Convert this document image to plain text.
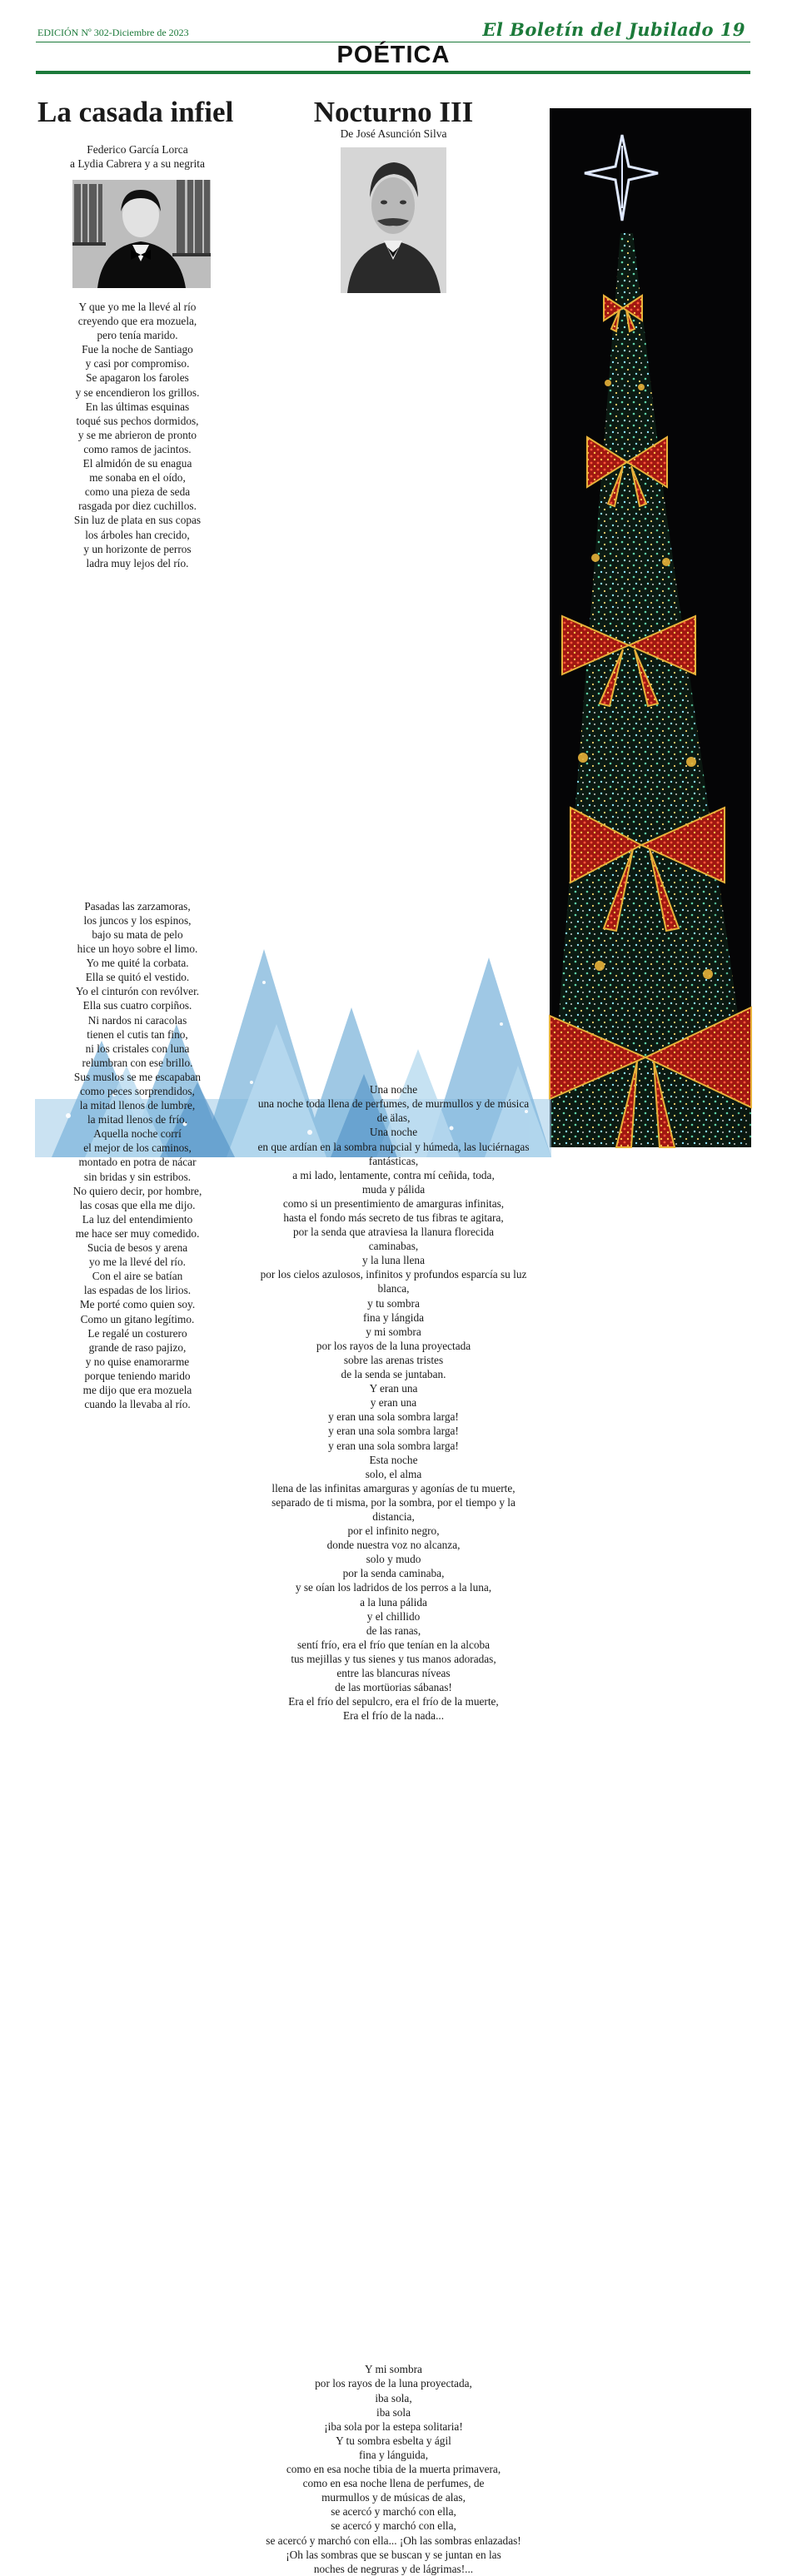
EDICIÓN Nº 302-Diciembre de 2023	El Boletín del Jubilado 19
POÉTICA
La casada infiel
Federico García Lorca
a Lydia Cabrera y a su negrita
Y que yo me la llevé al río
creyendo que era mozuela,
pero tenía marido.
Fue la noche de Santiago
y casi por compromiso.
Se apagaron los faroles
y se encendieron los grillos.
En las últimas esquinas
toqué sus pechos dormidos,
y se me abrieron de pronto
como ramos de jacintos.
El almidón de su enagua
me sonaba en el oído,
como una pieza de seda
rasgada por diez cuchillos.
Sin luz de plata en sus copas
los árboles han crecido,
y un horizonte de perros
ladra muy lejos del río.
Pasadas las zarzamoras,
los juncos y los espinos,
bajo su mata de pelo
hice un hoyo sobre el limo.
Yo me quité la corbata.
Ella se quitó el vestido.
Yo el cinturón con revólver.
Ella sus cuatro corpiños.
Ni nardos ni caracolas
tienen el cutis tan fino,
ni los cristales con luna
relumbran con ese brillo.
Sus muslos se me escapaban
como peces sorprendidos,
la mitad llenos de lumbre,
la mitad llenos de frío.
Aquella noche corrí
el mejor de los caminos,
montado en potra de nácar
sin bridas y sin estribos.
No quiero decir, por hombre,
las cosas que ella me dijo.
La luz del entendimiento
me hace ser muy comedido.
Sucia de besos y arena
yo me la llevé del río.
Con el aire se batían
las espadas de los lirios.
Me porté como quien soy.
Como un gitano legítimo.
Le regalé un costurero
grande de raso pajizo,
y no quise enamorarme
porque teniendo marido
me dijo que era mozuela
cuando la llevaba al río.
Nocturno III
De José Asunción Silva
Una noche
una noche toda llena de perfumes, de murmullos y de música
de älas,
Una noche
en que ardían en la sombra nupcial y húmeda, las luciérnagas
fantásticas,
a mi lado, lentamente, contra mí ceñida, toda,
muda y pálida
como si un presentimiento de amarguras infinitas,
hasta el fondo más secreto de tus fibras te agitara,
por la senda que atraviesa la llanura florecida
caminabas,
y la luna llena
por los cielos azulosos, infinitos y profundos esparcía su luz
blanca,
y tu sombra
fina y lángida
y mi sombra
por los rayos de la luna proyectada
sobre las arenas tristes
de la senda se juntaban.
Y eran una
y eran una
y eran una sola sombra larga!
y eran una sola sombra larga!
y eran una sola sombra larga!
Esta noche
solo, el alma
llena de las infinitas amarguras y agonías de tu muerte,
separado de ti misma, por la sombra, por el tiempo y la
distancia,
por el infinito negro,
donde nuestra voz no alcanza,
solo y mudo
por la senda caminaba,
y se oían los ladridos de los perros a la luna,
a la luna pálida
y el chillido
de las ranas,
sentí frío, era el frío que tenían en la alcoba
tus mejillas y tus sienes y tus manos adoradas,
entre las blancuras níveas
de las mortüorias sábanas!
Era el frío del sepulcro, era el frío de la muerte,
Era el frío de la nada...
Y mi sombra
por los rayos de la luna proyectada,
iba sola,
iba sola
¡iba sola por la estepa solitaria!
Y tu sombra esbelta y ágil
fina y lánguida,
como en esa noche tibia de la muerta primavera,
como en esa noche llena de perfumes, de
murmullos y de músicas de alas,
se acercó y marchó con ella,
se acercó y marchó con ella,
se acercó y marchó con ella... ¡Oh las sombras enlazadas!
¡Oh las sombras que se buscan y se juntan en las
noches de negruras y de lágrimas!...
